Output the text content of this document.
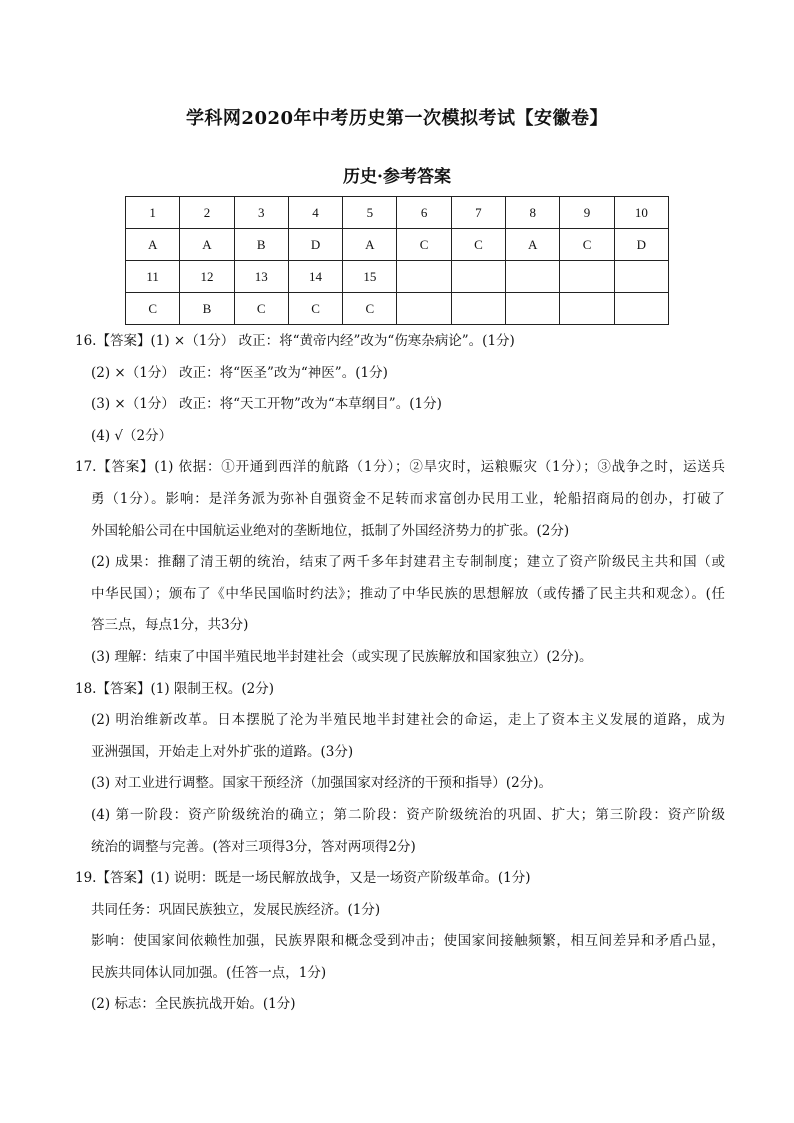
学科网2020年中考历史第一次模拟考试【安徽卷】
历史·参考答案
1	2	3	4	5	6	7	8	9	10
A	A	B	D	A	C	C	A	C	D
11	12	13	14	15					
C	B	C	C	C					
16.【答案】(1) ×（1分） 改正：将“黄帝内经”改为“伤寒杂病论”。(1分)
(2) ×（1分） 改正：将“医圣”改为“神医”。(1分)
(3) ×（1分） 改正：将“天工开物”改为“本草纲目”。(1分)
(4) √（2分）
17.【答案】(1) 依据：①开通到西洋的航路（1分）；②旱灾时，运粮赈灾（1分）；③战争之时，运送兵
勇（1分）。影响：是洋务派为弥补自强资金不足转而求富创办民用工业，轮船招商局的创办，打破了
外国轮船公司在中国航运业绝对的垄断地位，抵制了外国经济势力的扩张。(2分)
(2) 成果：推翻了清王朝的统治，结束了两千多年封建君主专制制度；建立了资产阶级民主共和国（或
中华民国）；颁布了《中华民国临时约法》；推动了中华民族的思想解放（或传播了民主共和观念）。(任
答三点，每点1分，共3分)
(3) 理解：结束了中国半殖民地半封建社会（或实现了民族解放和国家独立）(2分)。
18.【答案】(1) 限制王权。(2分)
(2) 明治维新改革。日本摆脱了沦为半殖民地半封建社会的命运，走上了资本主义发展的道路，成为
亚洲强国，开始走上对外扩张的道路。(3分)
(3) 对工业进行调整。国家干预经济（加强国家对经济的干预和指导）(2分)。
(4) 第一阶段：资产阶级统治的确立；第二阶段：资产阶级统治的巩固、扩大；第三阶段：资产阶级
统治的调整与完善。(答对三项得3分，答对两项得2分)
19.【答案】(1) 说明：既是一场民解放战争，又是一场资产阶级革命。(1分)
共同任务：巩固民族独立，发展民族经济。(1分)
影响：使国家间依赖性加强，民族界限和概念受到冲击；使国家间接触频繁，相互间差异和矛盾凸显，
民族共同体认同加强。(任答一点，1分)
(2) 标志：全民族抗战开始。(1分)
